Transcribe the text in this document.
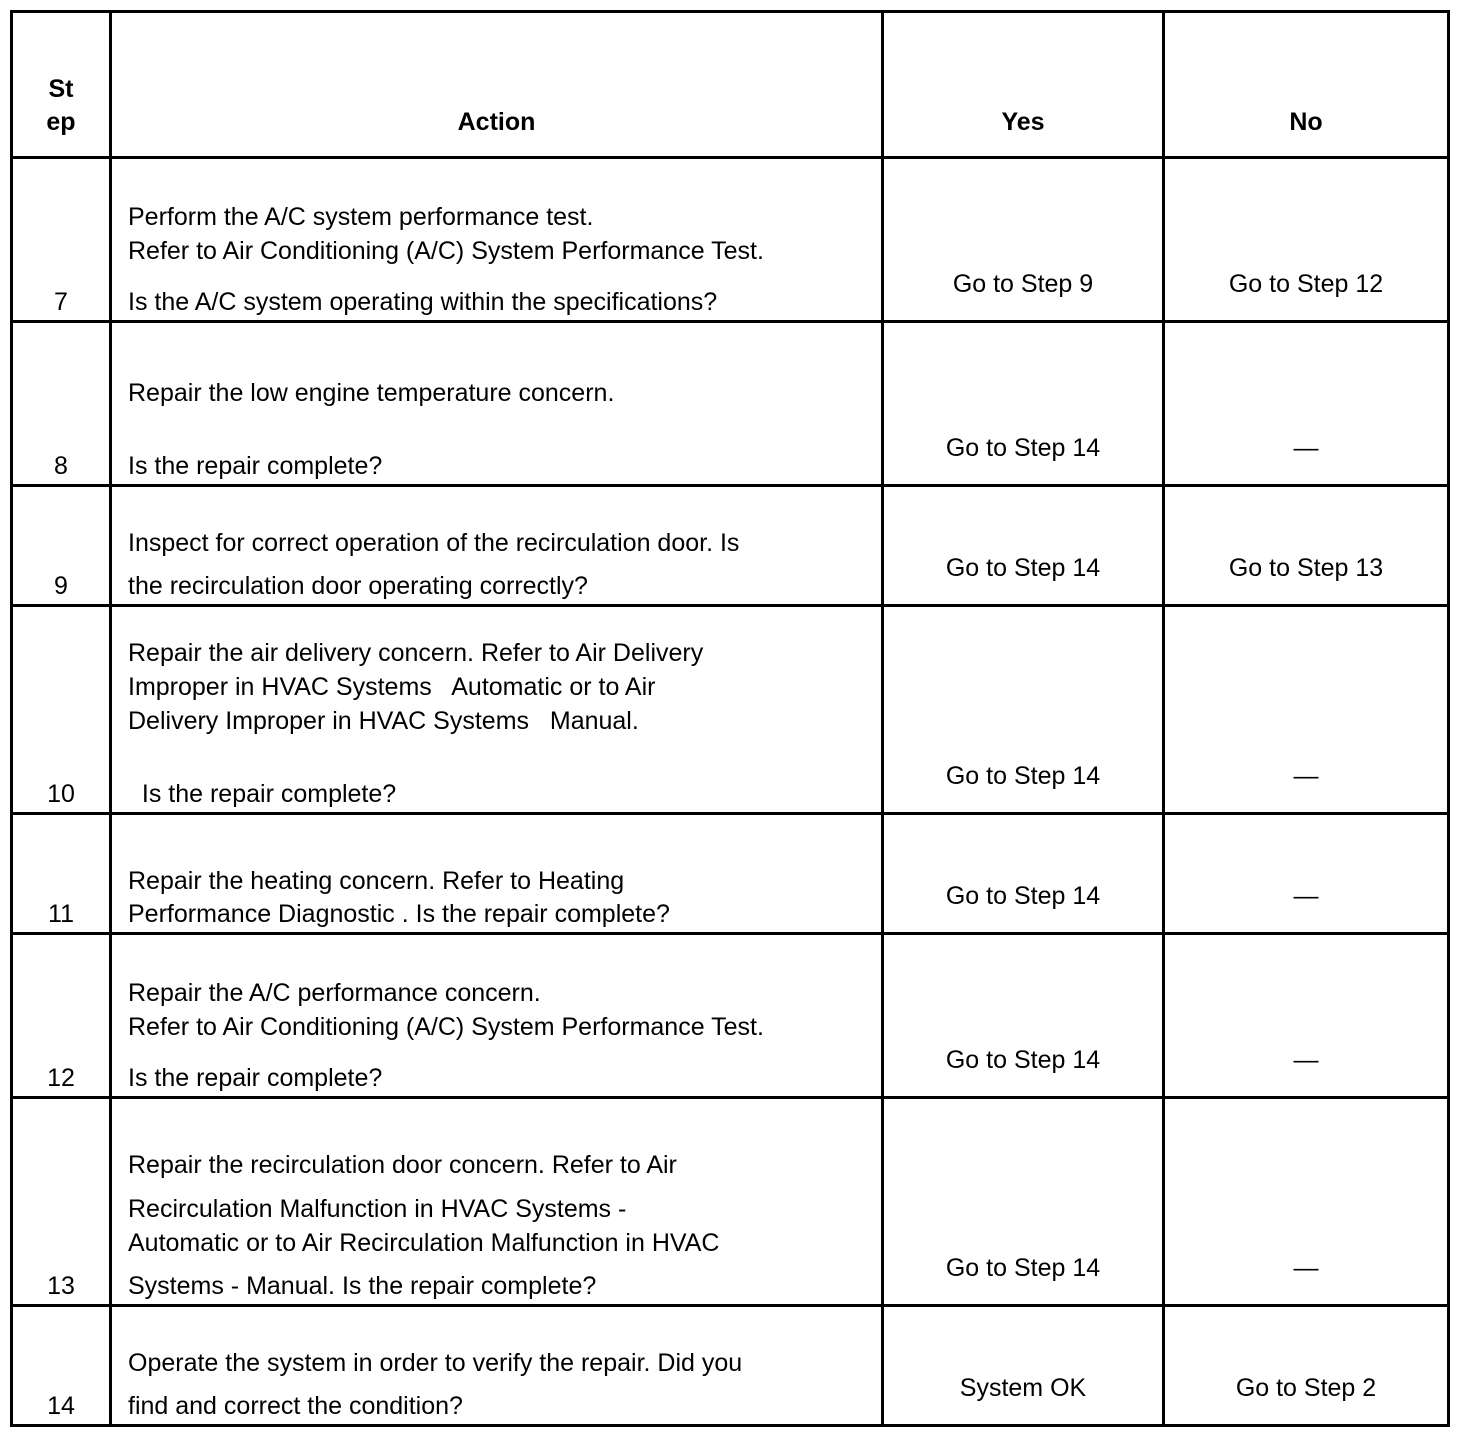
St
ep	Action	Yes	No
7	Perform the A/C system performance test.
Refer to Air Conditioning (A/C) System Performance Test.
Is the A/C system operating within the specifications?	Go to Step 9	Go to Step 12
8	Repair the low engine temperature concern.
Is the repair complete?	Go to Step 14	—
9	Inspect for correct operation of the recirculation door. Is
the recirculation door operating correctly?	Go to Step 14	Go to Step 13
10	Repair the air delivery concern. Refer to Air Delivery
Improper in HVAC Systems   Automatic or to Air
Delivery Improper in HVAC Systems   Manual.
Is the repair complete?	Go to Step 14	—
11	Repair the heating concern. Refer to Heating
Performance Diagnostic . Is the repair complete?	Go to Step 14	—
12	Repair the A/C performance concern.
Refer to Air Conditioning (A/C) System Performance Test.
Is the repair complete?	Go to Step 14	—
13	Repair the recirculation door concern. Refer to Air
Recirculation Malfunction in HVAC Systems -
Automatic or to Air Recirculation Malfunction in HVAC
Systems - Manual. Is the repair complete?	Go to Step 14	—
14	Operate the system in order to verify the repair. Did you
find and correct the condition?	System OK	Go to Step 2
